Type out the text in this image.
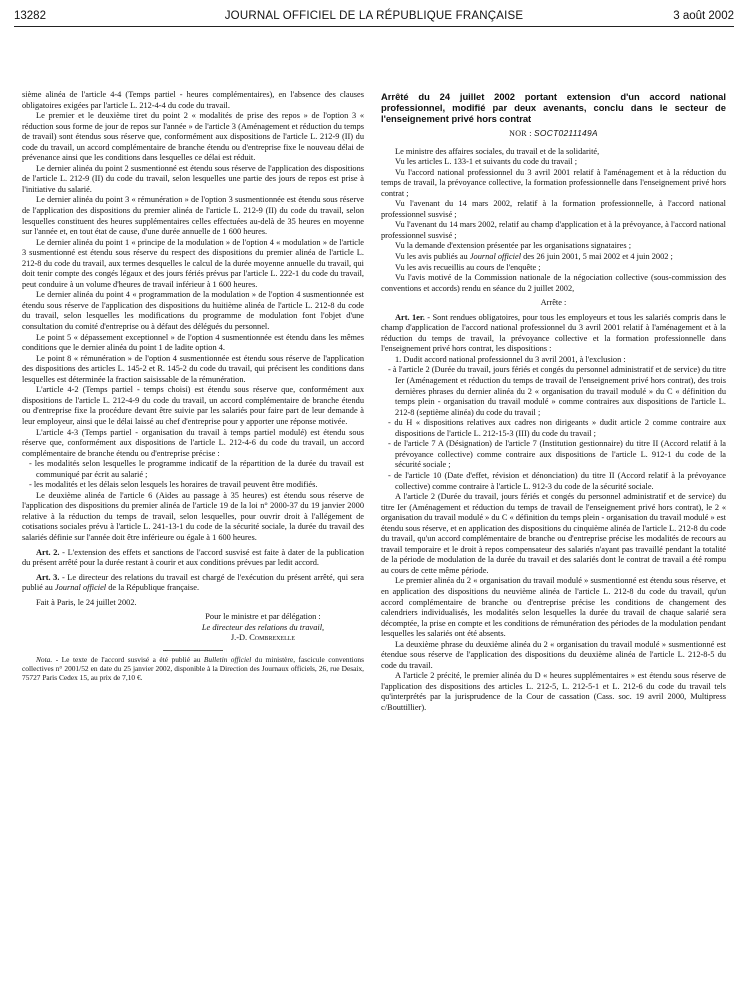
13282	JOURNAL OFFICIEL DE LA RÉPUBLIQUE FRANÇAISE	3 août 2002

sième alinéa de l'article 4-4 (Temps partiel - heures complémentaires), en l'absence des clauses obligatoires exigées par l'article L. 212-4-4 du code du travail.

Le premier et le deuxième tiret du point 2 « modalités de prise des repos » de l'option 3 « réduction sous forme de jour de repos sur l'année » de l'article 3 (Aménagement et réduction du temps de travail) sont étendus sous réserve que, conformément aux dispositions de l'article L. 212-9 (II) du code du travail, un accord complémentaire de branche étendu ou d'entreprise fixe le nouveau délai de prévenance ainsi que les conditions dans lesquelles ce délai est réduit.

Le dernier alinéa du point 2 susmentionné est étendu sous réserve de l'application des dispositions de l'article L. 212-9 (II) du code du travail, selon lesquelles une partie des jours de repos est prise à l'initiative du salarié.

Le dernier alinéa du point 3 « rémunération » de l'option 3 susmentionnée est étendu sous réserve de l'application des dispositions du premier alinéa de l'article L. 212-9 (II) du code du travail, selon lesquelles constituent des heures supplémentaires celles effectuées au-delà de 35 heures en moyenne sur l'année et, en tout état de cause, d'une durée annuelle de 1 600 heures.

Le dernier alinéa du point 1 « principe de la modulation » de l'option 4 « modulation » de l'article 3 susmentionné est étendu sous réserve du respect des dispositions du premier alinéa de l'article L. 212-8 du code du travail, aux termes desquelles le calcul de la durée moyenne annuelle du travail, qui doit tenir compte des congés légaux et des jours fériés prévus par l'article L. 222-1 du code du travail, peut conduire à un volume d'heures de travail inférieur à 1 600 heures.

Le dernier alinéa du point 4 « programmation de la modulation » de l'option 4 susmentionnée est étendu sous réserve de l'application des dispositions du huitième alinéa de l'article L. 212-8 du code du travail, selon lesquelles les modifications du programme de modulation font l'objet d'une consultation du comité d'entreprise ou à défaut des délégués du personnel.

Le point 5 « dépassement exceptionnel » de l'option 4 susmentionnée est étendu dans les mêmes conditions que le dernier alinéa du point 1 de ladite option 4.

Le point 8 « rémunération » de l'option 4 susmentionnée est étendu sous réserve de l'application des dispositions des articles L. 145-2 et R. 145-2 du code du travail, qui précisent les conditions dans lesquelles est déterminée la fraction saisissable de la rémunération.

L'article 4-2 (Temps partiel - temps choisi) est étendu sous réserve que, conformément aux dispositions de l'article L. 212-4-9 du code du travail, un accord complémentaire de branche étendu ou d'entreprise fixe la procédure devant être suivie par les salariés pour faire part de leur demande à leur employeur, ainsi que le délai laissé au chef d'entreprise pour y apporter une réponse motivée.

L'article 4-3 (Temps partiel - organisation du travail à temps partiel modulé) est étendu sous réserve que, conformément aux dispositions de l'article L. 212-4-6 du code du travail, un accord complémentaire de branche étendu ou d'entreprise précise :

- les modalités selon lesquelles le programme indicatif de la répartition de la durée du travail est communiqué par écrit au salarié ;

- les modalités et les délais selon lesquels les horaires de travail peuvent être modifiés.

Le deuxième alinéa de l'article 6 (Aides au passage à 35 heures) est étendu sous réserve de l'application des dispositions du premier alinéa de l'article 19 de la loi n° 2000-37 du 19 janvier 2000 relative à la réduction du temps de travail, selon lesquelles, pour ouvrir droit à l'allégement de cotisations sociales prévu à l'article L. 241-13-1 du code de la sécurité sociale, la durée du travail des salariés définie sur l'année doit être inférieure ou égale à 1 600 heures.

Art. 2. - L'extension des effets et sanctions de l'accord susvisé est faite à dater de la publication du présent arrêté pour la durée restant à courir et aux conditions prévues par ledit accord.

Art. 3. - Le directeur des relations du travail est chargé de l'exécution du présent arrêté, qui sera publié au Journal officiel de la République française.

Fait à Paris, le 24 juillet 2002.

Pour le ministre et par délégation :

Le directeur des relations du travail,

J.-D. Combrexelle

Nota. - Le texte de l'accord susvisé a été publié au Bulletin officiel du ministère, fascicule conventions collectives n° 2001/52 en date du 25 janvier 2002, disponible à la Direction des Journaux officiels, 26, rue Desaix, 75727 Paris Cedex 15, au prix de 7,10 €.

Arrêté du 24 juillet 2002 portant extension d'un accord national professionnel, modifié par deux avenants, conclu dans le secteur de l'enseignement privé hors contrat
NOR : SOCT0211149A

Le ministre des affaires sociales, du travail et de la solidarité,

Vu les articles L. 133-1 et suivants du code du travail ;

Vu l'accord national professionnel du 3 avril 2001 relatif à l'aménagement et à la réduction du temps de travail, la prévoyance collective, la formation professionnelle dans l'enseignement privé hors contrat ;

Vu l'avenant du 14 mars 2002, relatif à la formation professionnelle, à l'accord national professionnel susvisé ;

Vu l'avenant du 14 mars 2002, relatif au champ d'application et à la prévoyance, à l'accord national professionnel susvisé ;

Vu la demande d'extension présentée par les organisations signataires ;

Vu les avis publiés au Journal officiel des 26 juin 2001, 5 mai 2002 et 4 juin 2002 ;

Vu les avis recueillis au cours de l'enquête ;

Vu l'avis motivé de la Commission nationale de la négociation collective (sous-commission des conventions et accords) rendu en séance du 2 juillet 2002,

Arrête :

Art. 1er. - Sont rendues obligatoires, pour tous les employeurs et tous les salariés compris dans le champ d'application de l'accord national professionnel du 3 avril 2001 relatif à l'aménagement et à la réduction du temps de travail, la prévoyance collective et la formation professionnelle dans l'enseignement privé hors contrat, les dispositions :

1. Dudit accord national professionnel du 3 avril 2001, à l'exclusion :

- à l'article 2 (Durée du travail, jours fériés et congés du personnel administratif et de service) du titre Ier (Aménagement et réduction du temps de travail de l'enseignement privé hors contrat), des trois dernières phrases du dernier alinéa du 2 « organisation du travail modulé » du C « définition du temps plein - organisation du travail modulé » comme contraires aux dispositions de l'article L. 212-8 (septième alinéa) du code du travail ;

- du H « dispositions relatives aux cadres non dirigeants » dudit article 2 comme contraire aux dispositions de l'article L. 212-15-3 (III) du code du travail ;

- de l'article 7 A (Désignation) de l'article 7 (Institution gestionnaire) du titre II (Accord relatif à la prévoyance collective) comme contraire aux dispositions de l'article L. 912-1 du code de la sécurité sociale ;

- de l'article 10 (Date d'effet, révision et dénonciation) du titre II (Accord relatif à la prévoyance collective) comme contraire à l'article L. 912-3 du code de la sécurité sociale.

A l'article 2 (Durée du travail, jours fériés et congés du personnel administratif et de service) du titre Ier (Aménagement et réduction du temps de travail de l'enseignement privé hors contrat), le 2 « organisation du travail modulé » du C « définition du temps plein - organisation du travail modulé » est étendu sous réserve, et en application des dispositions du cinquième alinéa de l'article L. 212-8 du code du travail, qu'un accord complémentaire de branche ou d'entreprise précise les modalités de recours au travail temporaire et le droit à repos compensateur des salariés n'ayant pas travaillé pendant la totalité de la période de modulation de la durée du travail et des salariés dont le contrat de travail a été rompu au cours de cette même période.

Le premier alinéa du 2 « organisation du travail modulé » susmentionné est étendu sous réserve, et en application des dispositions du neuvième alinéa de l'article L. 212-8 du code du travail, qu'un accord complémentaire de branche ou d'entreprise précise les conditions de changement des calendriers individualisés, les modalités selon lesquelles la durée du travail de chaque salarié sera décomptée, la prise en compte et les conditions de rémunération des périodes de la modulation pendant lesquelles les salariés ont été absents.

La deuxième phrase du deuxième alinéa du 2 « organisation du travail modulé » susmentionné est étendue sous réserve de l'application des dispositions du deuxième alinéa de l'article L. 212-8-5 du code du travail.

A l'article 2 précité, le premier alinéa du D « heures supplémentaires » est étendu sous réserve de l'application des dispositions des articles L. 212-5, L. 212-5-1 et L. 212-6 du code du travail tels qu'interprétés par la jurisprudence de la Cour de cassation (Cass. soc. 19 avril 2000, Multipress c/Bouttillier).
